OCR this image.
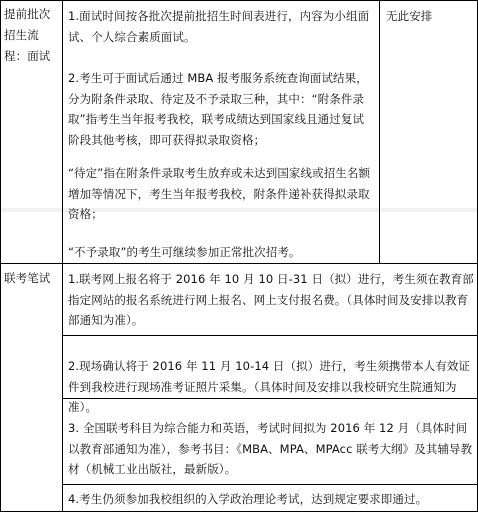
提前批次招生流程：面试
1.面试时间按各批次提前批招生时间表进行，内容为小组面试、个人综合素质面试。
2.考生可于面试后通过 MBA 报考服务系统查询面试结果，分为附条件录取、待定及不予录取三种，其中：“附条件录取”指考生当年报考我校，联考成绩达到国家线且通过复试阶段其他考核，即可获得拟录取资格；
“待定”指在附条件录取考生放弃或未达到国家线或招生名额增加等情况下，考生当年报考我校，附条件递补获得拟录取资格；
“不予录取”的考生可继续参加正常批次招考。
无此安排
联考笔试	1.联考网上报名将于 2016 年 10 月 10 日-31 日（拟）进行，考生须在教育部指定网站的报名系统进行网上报名、网上支付报名费。（具体时间及安排以教育部通知为准）。
2.现场确认将于 2016 年 11 月 10-14 日（拟）进行，考生须携带本人有效证件到我校进行现场准考证照片采集。（具体时间及安排以我校研究生院通知为准）。
3. 全国联考科目为综合能力和英语，考试时间拟为 2016 年 12 月（具体时间以教育部通知为准），参考书目：《MBA、MPA、MPAcc 联考大纲》及其辅导教材（机械工业出版社，最新版）。
4.考生仍须参加我校组织的入学政治理论考试，达到规定要求即通过。
